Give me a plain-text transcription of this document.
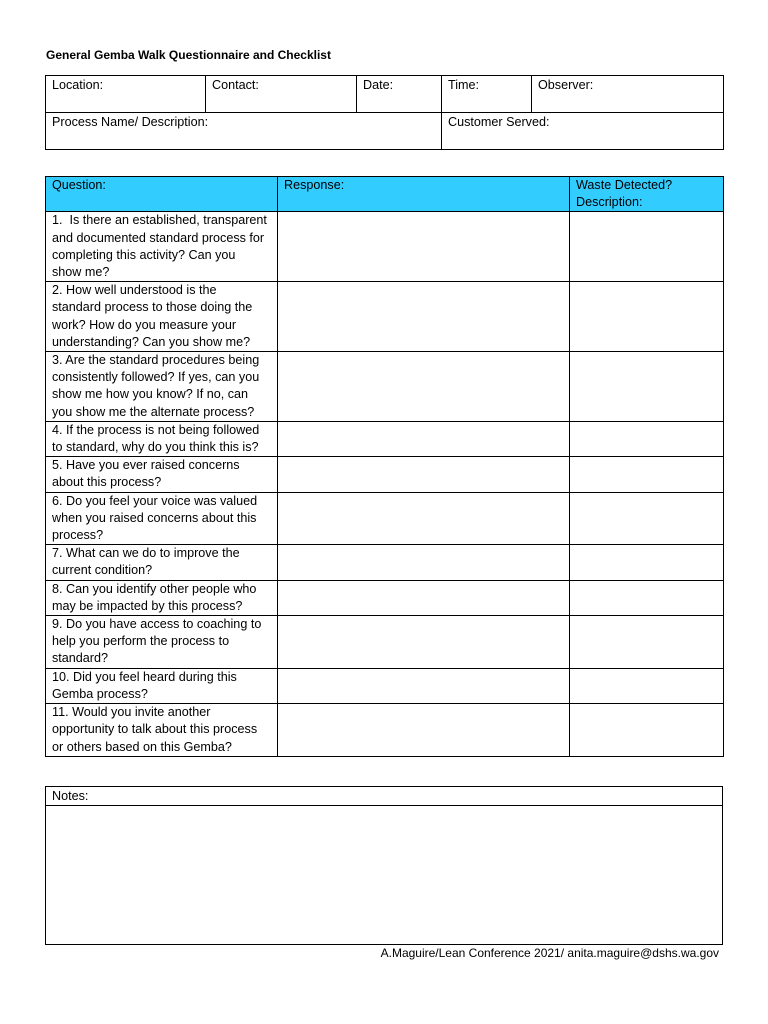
General Gemba Walk Questionnaire and Checklist
Location:	Contact:	Date:	Time:	Observer:
Process Name/ Description:			Customer Served:	
Question:	Response:	Waste Detected?
Description:

1.  Is there an established, transparent
and documented standard process for
completing this activity? Can you
show me?		

2. How well understood is the
standard process to those doing the
work? How do you measure your
understanding? Can you show me?		

3. Are the standard procedures being
consistently followed? If yes, can you
show me how you know? If no, can
you show me the alternate process?		

4. If the process is not being followed
to standard, why do you think this is?		

5. Have you ever raised concerns
about this process?		

6. Do you feel your voice was valued
when you raised concerns about this
process?		

7. What can we do to improve the
current condition?		

8. Can you identify other people who
may be impacted by this process?		

9. Do you have access to coaching to
help you perform the process to
standard?		

10. Did you feel heard during this
Gemba process?		

11. Would you invite another
opportunity to talk about this process
or others based on this Gemba?		

Notes:

A.Maguire/Lean Conference 2021/ anita.maguire@dshs.wa.gov
